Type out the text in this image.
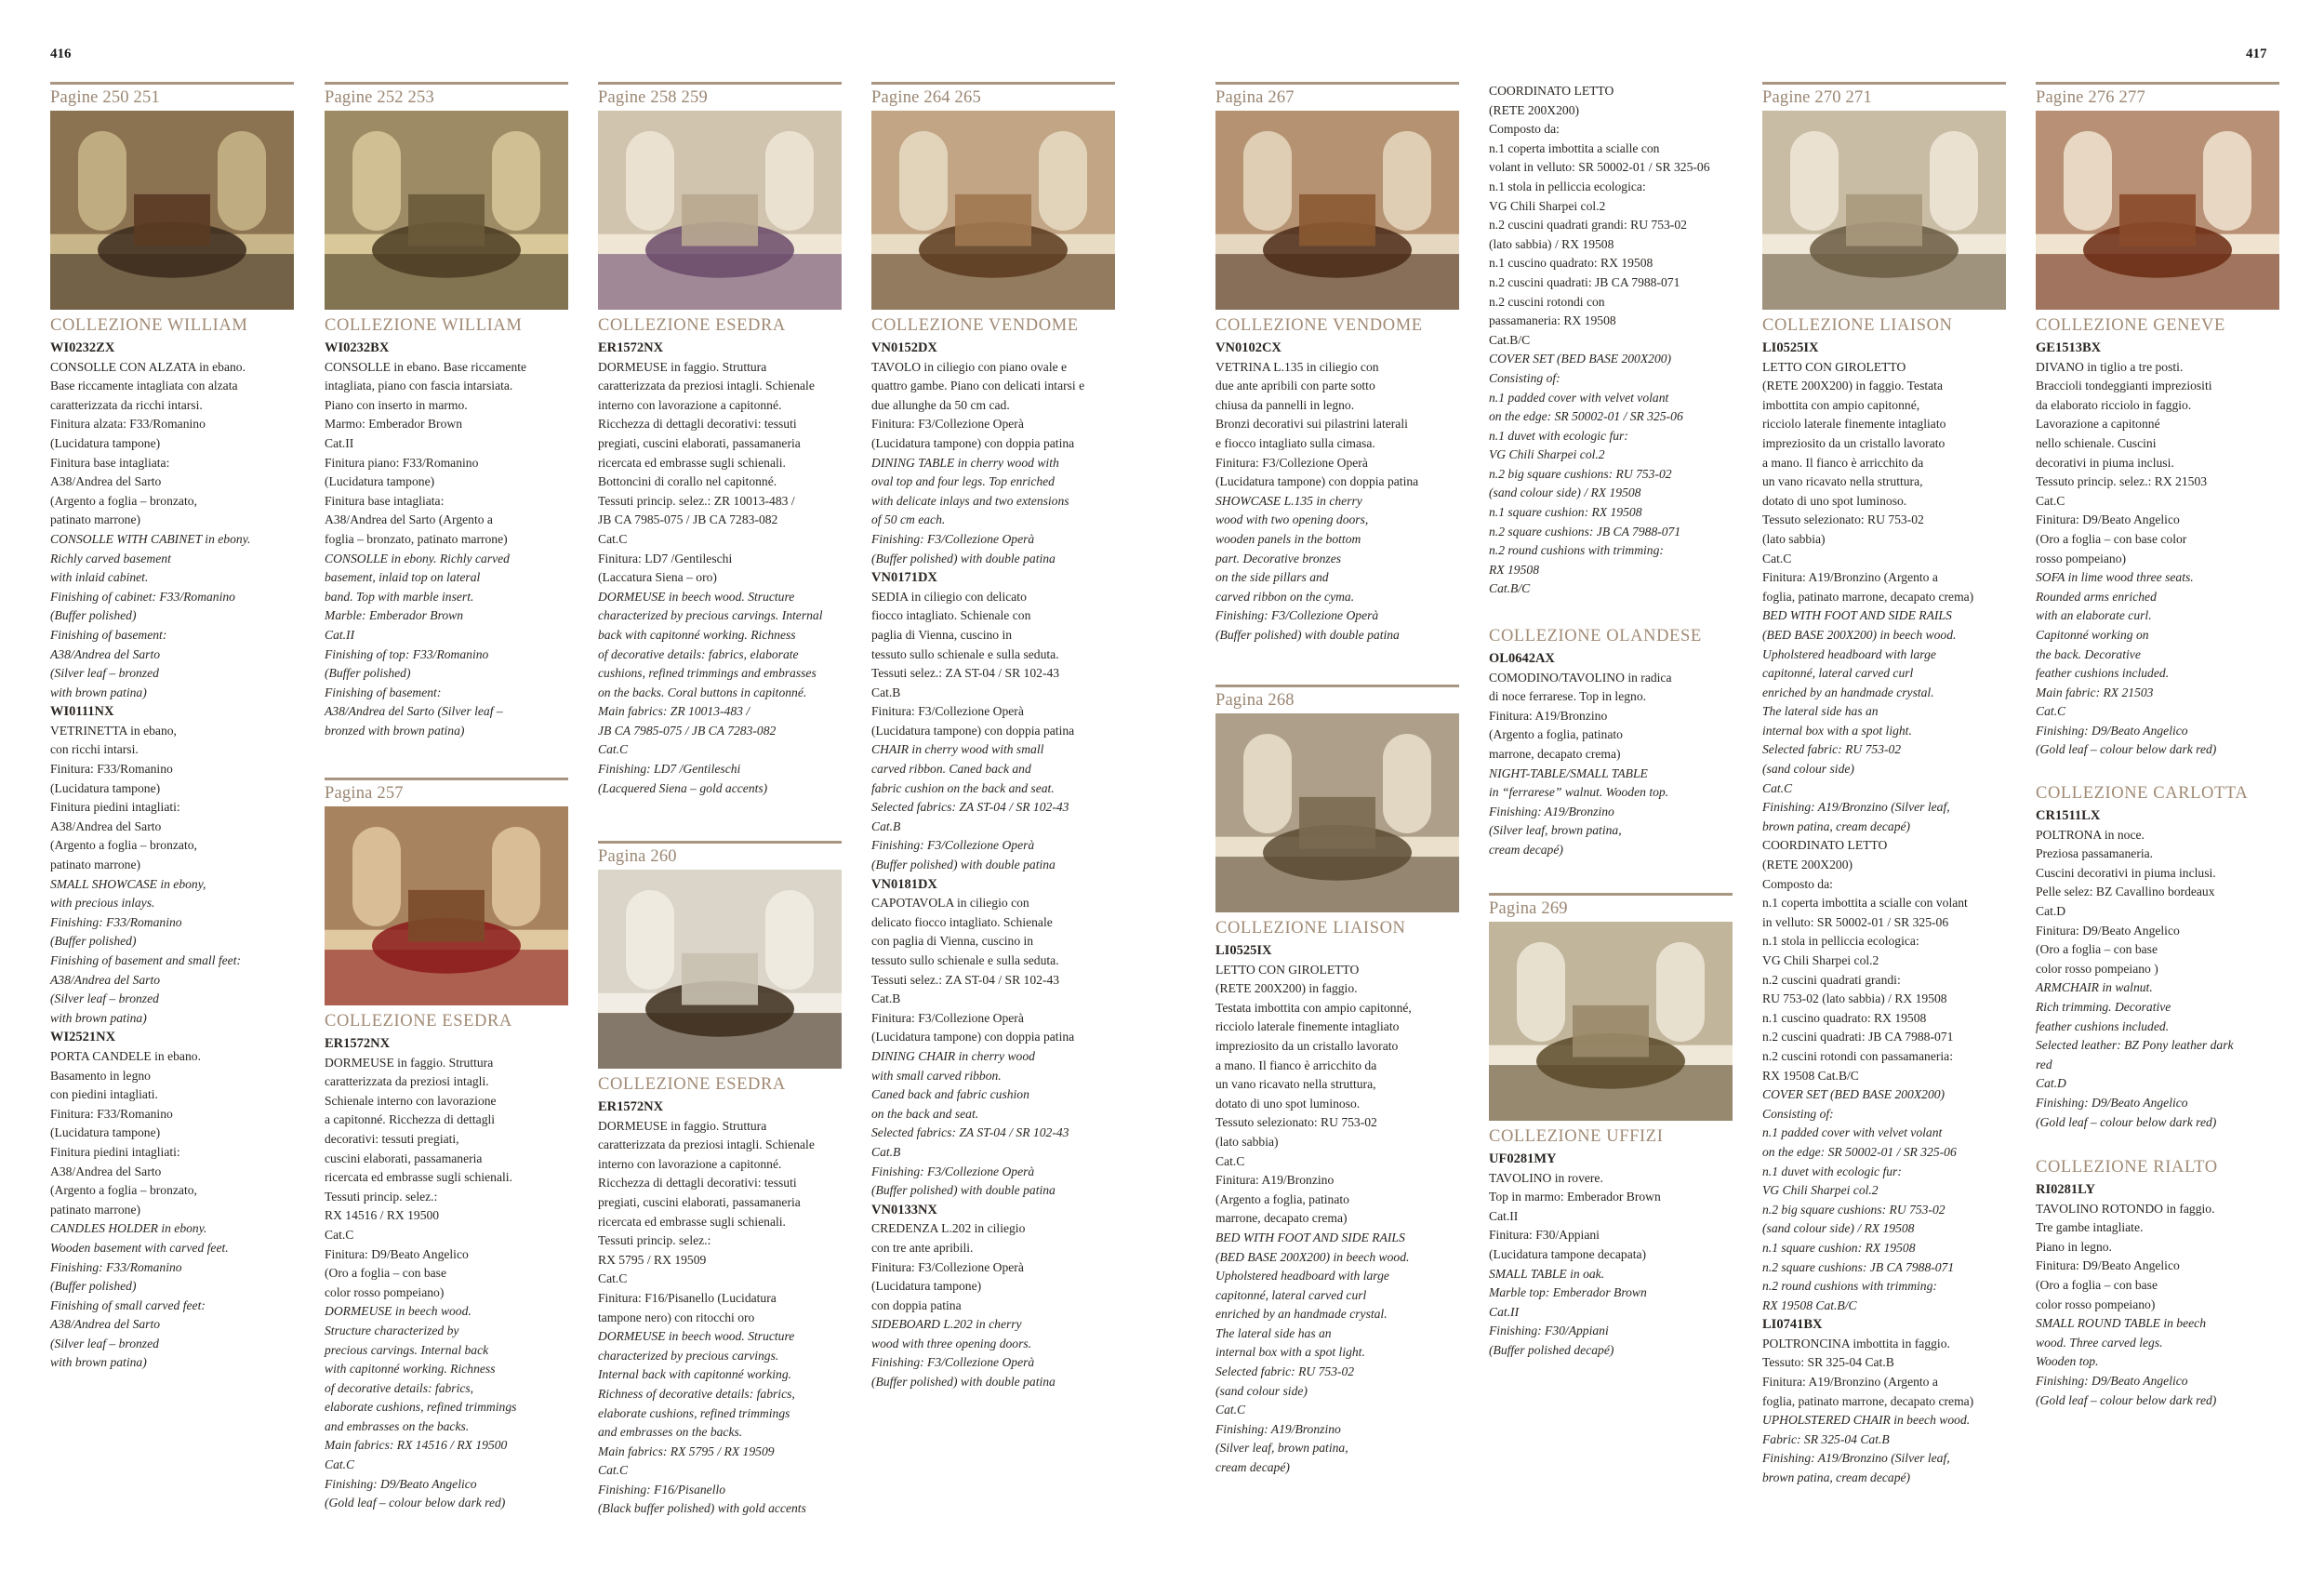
416	417
Pagine 250 251
COLLEZIONE WILLIAM
WI0232ZX
CONSOLLE CON ALZATA in ebano.
Base riccamente intagliata con alzata
caratterizzata da ricchi intarsi.
Finitura alzata: F33/Romanino
(Lucidatura tampone)
Finitura base intagliata:
A38/Andrea del Sarto
(Argento a foglia – bronzato,
patinato marrone)
CONSOLLE WITH CABINET in ebony.
Richly carved basement
with inlaid cabinet.
Finishing of cabinet: F33/Romanino
(Buffer polished)
Finishing of basement:
A38/Andrea del Sarto
(Silver leaf – bronzed
with brown patina)
WI0111NX
VETRINETTA in ebano,
con ricchi intarsi.
Finitura: F33/Romanino
(Lucidatura tampone)
Finitura piedini intagliati:
A38/Andrea del Sarto
(Argento a foglia – bronzato,
patinato marrone)
SMALL SHOWCASE in ebony,
with precious inlays.
Finishing: F33/Romanino
(Buffer polished)
Finishing of basement and small feet:
A38/Andrea del Sarto
(Silver leaf – bronzed
with brown patina)
WI2521NX
PORTA CANDELE in ebano.
Basamento in legno
con piedini intagliati.
Finitura: F33/Romanino
(Lucidatura tampone)
Finitura piedini intagliati:
A38/Andrea del Sarto
(Argento a foglia – bronzato,
patinato marrone)
CANDLES HOLDER in ebony.
Wooden basement with carved feet.
Finishing: F33/Romanino
(Buffer polished)
Finishing of small carved feet:
A38/Andrea del Sarto
(Silver leaf – bronzed
with brown patina)
Pagine 252 253
COLLEZIONE WILLIAM
WI0232BX
CONSOLLE in ebano. Base riccamente
intagliata, piano con fascia intarsiata.
Piano con inserto in marmo.
Marmo: Emberador Brown
Cat.II
Finitura piano: F33/Romanino
(Lucidatura tampone)
Finitura base intagliata:
A38/Andrea del Sarto (Argento a
foglia – bronzato, patinato marrone)
CONSOLLE in ebony. Richly carved
basement, inlaid top on lateral
band. Top with marble insert.
Marble: Emberador Brown
Cat.II
Finishing of top: F33/Romanino
(Buffer polished)
Finishing of basement:
A38/Andrea del Sarto (Silver leaf –
bronzed with brown patina)
Pagina 257
COLLEZIONE ESEDRA
ER1572NX
DORMEUSE in faggio. Struttura
caratterizzata da preziosi intagli.
Schienale interno con lavorazione
a capitonné. Ricchezza di dettagli
decorativi: tessuti pregiati,
cuscini elaborati, passamaneria
ricercata ed embrasse sugli schienali.
Tessuti princip. selez.:
RX 14516 / RX 19500
Cat.C
Finitura: D9/Beato Angelico
(Oro a foglia – con base
color rosso pompeiano)
DORMEUSE in beech wood.
Structure characterized by
precious carvings. Internal back
with capitonné working. Richness
of decorative details: fabrics,
elaborate cushions, refined trimmings
and embrasses on the backs.
Main fabrics: RX 14516 / RX 19500
Cat.C
Finishing: D9/Beato Angelico
(Gold leaf – colour below dark red)
Pagine 258 259
COLLEZIONE ESEDRA
ER1572NX
DORMEUSE in faggio. Struttura
caratterizzata da preziosi intagli. Schienale
interno con lavorazione a capitonné.
Ricchezza di dettagli decorativi: tessuti
pregiati, cuscini elaborati, passamaneria
ricercata ed embrasse sugli schienali.
Bottoncini di corallo nel capitonné.
Tessuti princip. selez.: ZR 10013-483 /
JB CA 7985-075 / JB CA 7283-082
Cat.C
Finitura: LD7 /Gentileschi
(Laccatura Siena – oro)
DORMEUSE in beech wood. Structure
characterized by precious carvings. Internal
back with capitonné working. Richness
of decorative details: fabrics, elaborate
cushions, refined trimmings and embrasses
on the backs. Coral buttons in capitonné.
Main fabrics: ZR 10013-483 /
JB CA 7985-075 / JB CA 7283-082
Cat.C
Finishing: LD7 /Gentileschi
(Lacquered Siena – gold accents)
Pagina 260
COLLEZIONE ESEDRA
ER1572NX
DORMEUSE in faggio. Struttura
caratterizzata da preziosi intagli. Schienale
interno con lavorazione a capitonné.
Ricchezza di dettagli decorativi: tessuti
pregiati, cuscini elaborati, passamaneria
ricercata ed embrasse sugli schienali.
Tessuti princip. selez.:
RX 5795 / RX 19509
Cat.C
Finitura: F16/Pisanello (Lucidatura
tampone nero) con ritocchi oro
DORMEUSE in beech wood. Structure
characterized by precious carvings.
Internal back with capitonné working.
Richness of decorative details: fabrics,
elaborate cushions, refined trimmings
and embrasses on the backs.
Main fabrics: RX 5795 / RX 19509
Cat.C
Finishing: F16/Pisanello
(Black buffer polished) with gold accents
Pagine 264 265
COLLEZIONE VENDOME
VN0152DX
TAVOLO in ciliegio con piano ovale e
quattro gambe. Piano con delicati intarsi e
due allunghe da 50 cm cad.
Finitura: F3/Collezione Operà
(Lucidatura tampone) con doppia patina
DINING TABLE in cherry wood with
oval top and four legs. Top enriched
with delicate inlays and two extensions
of 50 cm each.
Finishing: F3/Collezione Operà
(Buffer polished) with double patina
VN0171DX
SEDIA in ciliegio con delicato
fiocco intagliato. Schienale con
paglia di Vienna, cuscino in
tessuto sullo schienale e sulla seduta.
Tessuti selez.: ZA ST-04 / SR 102-43
Cat.B
Finitura: F3/Collezione Operà
(Lucidatura tampone) con doppia patina
CHAIR in cherry wood with small
carved ribbon. Caned back and
fabric cushion on the back and seat.
Selected fabrics: ZA ST-04 / SR 102-43
Cat.B
Finishing: F3/Collezione Operà
(Buffer polished) with double patina
VN0181DX
CAPOTAVOLA in ciliegio con
delicato fiocco intagliato. Schienale
con paglia di Vienna, cuscino in
tessuto sullo schienale e sulla seduta.
Tessuti selez.: ZA ST-04 / SR 102-43
Cat.B
Finitura: F3/Collezione Operà
(Lucidatura tampone) con doppia patina
DINING CHAIR in cherry wood
with small carved ribbon.
Caned back and fabric cushion
on the back and seat.
Selected fabrics: ZA ST-04 / SR 102-43
Cat.B
Finishing: F3/Collezione Operà
(Buffer polished) with double patina
VN0133NX
CREDENZA L.202 in ciliegio
con tre ante apribili.
Finitura: F3/Collezione Operà
(Lucidatura tampone)
con doppia patina
SIDEBOARD L.202 in cherry
wood with three opening doors.
Finishing: F3/Collezione Operà
(Buffer polished) with double patina
Pagina 267
COLLEZIONE VENDOME
VN0102CX
VETRINA L.135 in ciliegio con
due ante apribili con parte sotto
chiusa da pannelli in legno.
Bronzi decorativi sui pilastrini laterali
e fiocco intagliato sulla cimasa.
Finitura: F3/Collezione Operà
(Lucidatura tampone) con doppia patina
SHOWCASE L.135 in cherry
wood with two opening doors,
wooden panels in the bottom
part. Decorative bronzes
on the side pillars and
carved ribbon on the cyma.
Finishing: F3/Collezione Operà
(Buffer polished) with double patina
Pagina 268
COLLEZIONE LIAISON
LI0525IX
LETTO CON GIROLETTO
(RETE 200X200) in faggio.
Testata imbottita con ampio capitonné,
ricciolo laterale finemente intagliato
impreziosito da un cristallo lavorato
a mano. Il fianco è arricchito da
un vano ricavato nella struttura,
dotato di uno spot luminoso.
Tessuto selezionato: RU 753-02
(lato sabbia)
Cat.C
Finitura: A19/Bronzino
(Argento a foglia, patinato
marrone, decapato crema)
BED WITH FOOT AND SIDE RAILS
(BED BASE 200X200) in beech wood.
Upholstered headboard with large
capitonné, lateral carved curl
enriched by an handmade crystal.
The lateral side has an
internal box with a spot light.
Selected fabric: RU 753-02
(sand colour side)
Cat.C
Finishing: A19/Bronzino
(Silver leaf, brown patina,
cream decapé)
COORDINATO LETTO
(RETE 200X200)
Composto da:
n.1 coperta imbottita a scialle con
volant in velluto: SR 50002-01 / SR 325-06
n.1 stola in pelliccia ecologica:
VG Chili Sharpei col.2
n.2 cuscini quadrati grandi: RU 753-02
(lato sabbia) / RX 19508
n.1 cuscino quadrato: RX 19508
n.2 cuscini quadrati: JB CA 7988-071
n.2 cuscini rotondi con
passamaneria: RX 19508
Cat.B/C
COVER SET (BED BASE 200X200)
Consisting of:
n.1 padded cover with velvet volant
on the edge: SR 50002-01 / SR 325-06
n.1 duvet with ecologic fur:
VG Chili Sharpei col.2
n.2 big square cushions: RU 753-02
(sand colour side) / RX 19508
n.1 square cushion: RX 19508
n.2 square cushions: JB CA 7988-071
n.2 round cushions with trimming:
RX 19508
Cat.B/C
COLLEZIONE OLANDESE
OL0642AX
COMODINO/TAVOLINO in radica
di noce ferrarese. Top in legno.
Finitura: A19/Bronzino
(Argento a foglia, patinato
marrone, decapato crema)
NIGHT-TABLE/SMALL TABLE
in “ferrarese” walnut. Wooden top.
Finishing: A19/Bronzino
(Silver leaf, brown patina,
cream decapé)
Pagina 269
COLLEZIONE UFFIZI
UF0281MY
TAVOLINO in rovere.
Top in marmo: Emberador Brown
Cat.II
Finitura: F30/Appiani
(Lucidatura tampone decapata)
SMALL TABLE in oak.
Marble top: Emberador Brown
Cat.II
Finishing: F30/Appiani
(Buffer polished decapé)
Pagine 270 271
COLLEZIONE LIAISON
LI0525IX
LETTO CON GIROLETTO
(RETE 200X200) in faggio. Testata
imbottita con ampio capitonné,
ricciolo laterale finemente intagliato
impreziosito da un cristallo lavorato
a mano. Il fianco è arricchito da
un vano ricavato nella struttura,
dotato di uno spot luminoso.
Tessuto selezionato: RU 753-02
(lato sabbia)
Cat.C
Finitura: A19/Bronzino (Argento a
foglia, patinato marrone, decapato crema)
BED WITH FOOT AND SIDE RAILS
(BED BASE 200X200) in beech wood.
Upholstered headboard with large
capitonné, lateral carved curl
enriched by an handmade crystal.
The lateral side has an
internal box with a spot light.
Selected fabric: RU 753-02
(sand colour side)
Cat.C
Finishing: A19/Bronzino (Silver leaf,
brown patina, cream decapé)
COORDINATO LETTO
(RETE 200X200)
Composto da:
n.1 coperta imbottita a scialle con volant
in velluto: SR 50002-01 / SR 325-06
n.1 stola in pelliccia ecologica:
VG Chili Sharpei col.2
n.2 cuscini quadrati grandi:
RU 753-02 (lato sabbia) / RX 19508
n.1 cuscino quadrato: RX 19508
n.2 cuscini quadrati: JB CA 7988-071
n.2 cuscini rotondi con passamaneria:
RX 19508 Cat.B/C
COVER SET (BED BASE 200X200)
Consisting of:
n.1 padded cover with velvet volant
on the edge: SR 50002-01 / SR 325-06
n.1 duvet with ecologic fur:
VG Chili Sharpei col.2
n.2 big square cushions: RU 753-02
(sand colour side) / RX 19508
n.1 square cushion: RX 19508
n.2 square cushions: JB CA 7988-071
n.2 round cushions with trimming:
RX 19508 Cat.B/C
LI0741BX
POLTRONCINA imbottita in faggio.
Tessuto: SR 325-04 Cat.B
Finitura: A19/Bronzino (Argento a
foglia, patinato marrone, decapato crema)
UPHOLSTERED CHAIR in beech wood.
Fabric: SR 325-04 Cat.B
Finishing: A19/Bronzino (Silver leaf,
brown patina, cream decapé)
Pagine 276 277
COLLEZIONE GENEVE
GE1513BX
DIVANO in tiglio a tre posti.
Braccioli tondeggianti impreziositi
da elaborato ricciolo in faggio.
Lavorazione a capitonné
nello schienale. Cuscini
decorativi in piuma inclusi.
Tessuto princip. selez.: RX 21503
Cat.C
Finitura: D9/Beato Angelico
(Oro a foglia – con base color
rosso pompeiano)
SOFA in lime wood three seats.
Rounded arms enriched
with an elaborate curl.
Capitonné working on
the back. Decorative
feather cushions included.
Main fabric: RX 21503
Cat.C
Finishing: D9/Beato Angelico
(Gold leaf – colour below dark red)
COLLEZIONE CARLOTTA
CR1511LX
POLTRONA in noce.
Preziosa passamaneria.
Cuscini decorativi in piuma inclusi.
Pelle selez: BZ Cavallino bordeaux
Cat.D
Finitura: D9/Beato Angelico
(Oro a foglia – con base
color rosso pompeiano )
ARMCHAIR in walnut.
Rich trimming. Decorative
feather cushions included.
Selected leather: BZ Pony leather dark
red
Cat.D
Finishing: D9/Beato Angelico
(Gold leaf – colour below dark red)
COLLEZIONE RIALTO
RI0281LY
TAVOLINO ROTONDO in faggio.
Tre gambe intagliate.
Piano in legno.
Finitura: D9/Beato Angelico
(Oro a foglia – con base
color rosso pompeiano)
SMALL ROUND TABLE in beech
wood. Three carved legs.
Wooden top.
Finishing: D9/Beato Angelico
(Gold leaf – colour below dark red)
